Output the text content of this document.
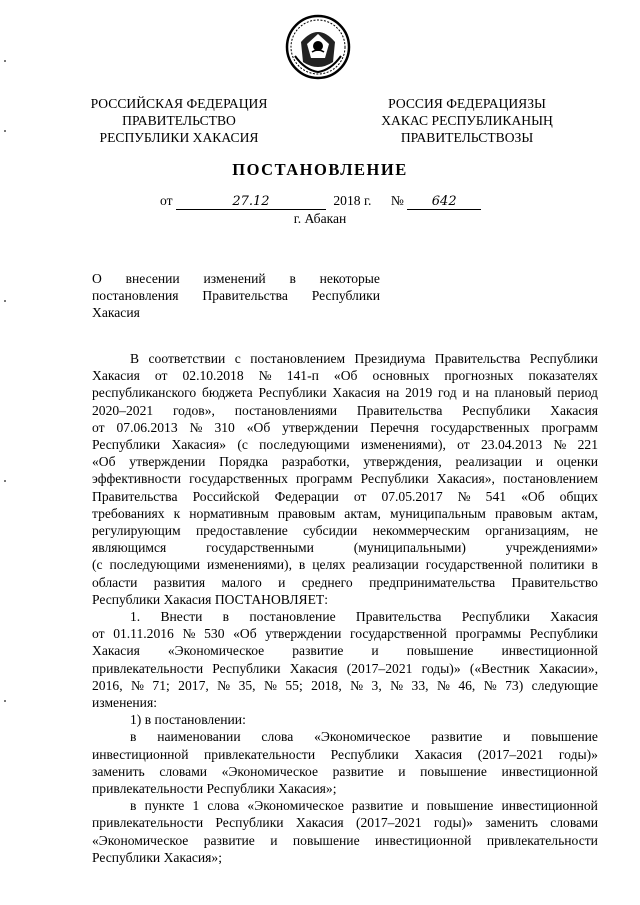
РОССИЙСКАЯ ФЕДЕРАЦИЯ
ПРАВИТЕЛЬСТВО
РЕСПУБЛИКИ ХАКАСИЯ
РОССИЯ ФЕДЕРАЦИЯЗЫ
ХАКАС РЕСПУБЛИКАНЫҢ
ПРАВИТЕЛЬСТВОЗЫ
ПОСТАНОВЛЕНИЕ
от	27.12	2018 г. № 642
г. Абакан
О внесении изменений в некоторые
постановления Правительства Республики
Хакасия
В соответствии с постановлением Президиума Правительства Республики
Хакасия от 02.10.2018 № 141-п «Об основных прогнозных показателях
республиканского бюджета Республики Хакасия на 2019 год и на плановый период
2020–2021 годов», постановлениями Правительства Республики Хакасия
от 07.06.2013 № 310 «Об утверждении Перечня государственных программ
Республики Хакасия» (с последующими изменениями), от 23.04.2013 № 221
«Об утверждении Порядка разработки, утверждения, реализации и оценки
эффективности государственных программ Республики Хакасия», постановлением
Правительства Российской Федерации от 07.05.2017 № 541 «Об общих
требованиях к нормативным правовым актам, муниципальным правовым актам,
регулирующим предоставление субсидии некоммерческим организациям, не
являющимся	государственными	(муниципальными)	учреждениями»
(с последующими изменениями), в целях реализации государственной политики в
области развития малого и среднего предпринимательства Правительство
Республики Хакасия ПОСТАНОВЛЯЕТ:
1. Внести в постановление Правительства Республики Хакасия
от 01.11.2016 № 530 «Об утверждении государственной программы Республики
Хакасия «Экономическое развитие и повышение инвестиционной
привлекательности Республики Хакасия (2017–2021 годы)» («Вестник Хакасии»,
2016, № 71; 2017, № 35, № 55; 2018, № 3, № 33, № 46, № 73) следующие
изменения:
1) в постановлении:
в наименовании слова «Экономическое развитие и повышение
инвестиционной привлекательности Республики Хакасия (2017–2021 годы)»
заменить словами «Экономическое развитие и повышение инвестиционной
привлекательности Республики Хакасия»;
в пункте 1 слова «Экономическое развитие и повышение инвестиционной
привлекательности Республики Хакасия (2017–2021 годы)» заменить словами
«Экономическое развитие и повышение инвестиционной привлекательности
Республики Хакасия»;
